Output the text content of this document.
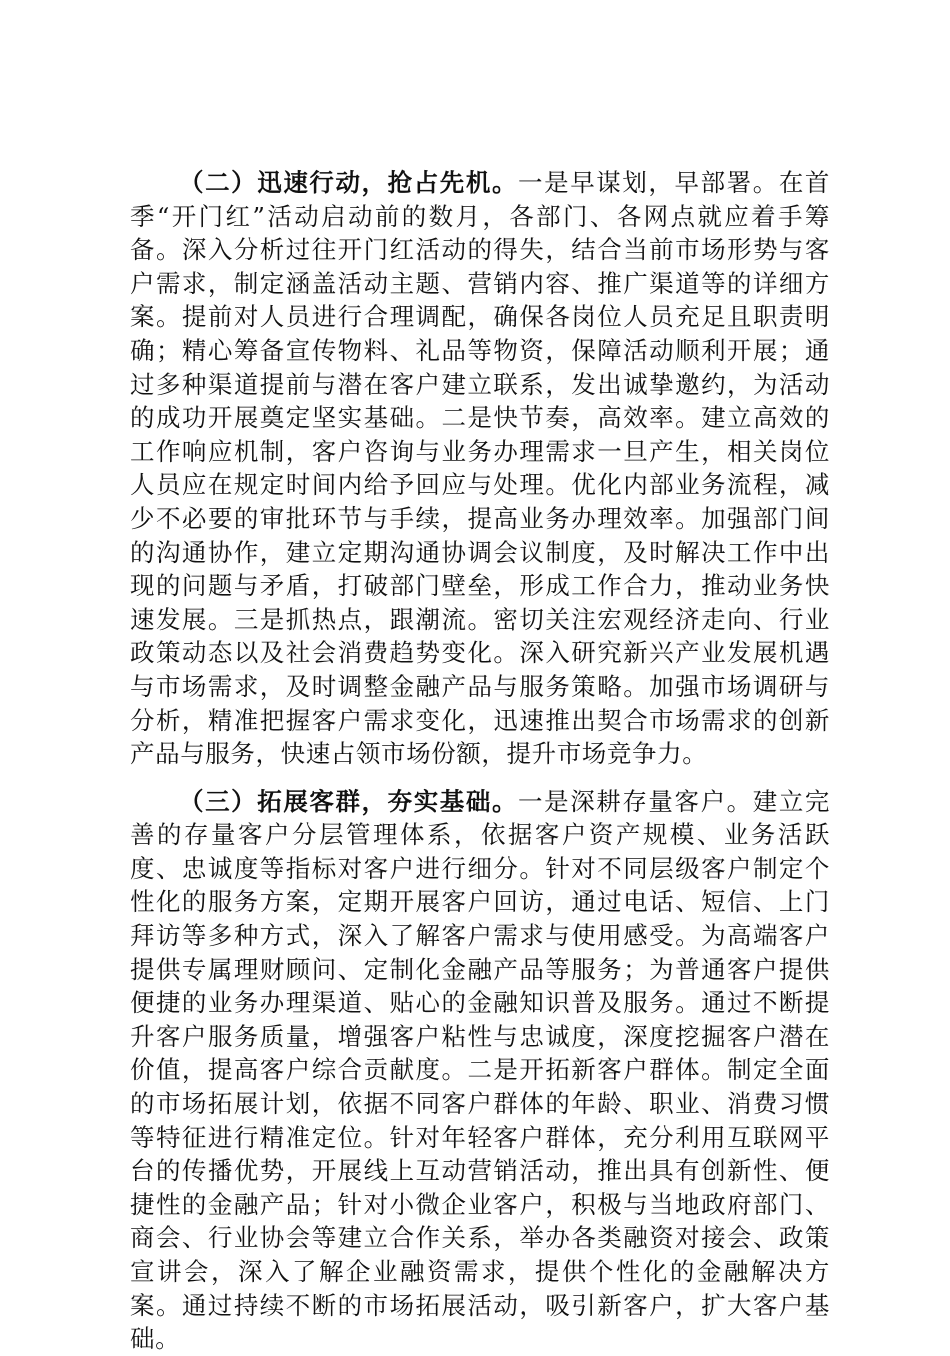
（二）迅速行动，抢占先机。一是早谋划，早部署。在首季“开门红”活动启动前的数月，各部门、各网点就应着手筹备。深入分析过往开门红活动的得失，结合当前市场形势与客户需求，制定涵盖活动主题、营销内容、推广渠道等的详细方案。提前对人员进行合理调配，确保各岗位人员充足且职责明确；精心筹备宣传物料、礼品等物资，保障活动顺利开展；通过多种渠道提前与潜在客户建立联系，发出诚挚邀约，为活动的成功开展奠定坚实基础。二是快节奏，高效率。建立高效的工作响应机制，客户咨询与业务办理需求一旦产生，相关岗位人员应在规定时间内给予回应与处理。优化内部业务流程，减少不必要的审批环节与手续，提高业务办理效率。加强部门间的沟通协作，建立定期沟通协调会议制度，及时解决工作中出现的问题与矛盾，打破部门壁垒，形成工作合力，推动业务快速发展。三是抓热点，跟潮流。密切关注宏观经济走向、行业政策动态以及社会消费趋势变化。深入研究新兴产业发展机遇与市场需求，及时调整金融产品与服务策略。加强市场调研与分析，精准把握客户需求变化，迅速推出契合市场需求的创新产品与服务，快速占领市场份额，提升市场竞争力。

（三）拓展客群，夯实基础。一是深耕存量客户。建立完善的存量客户分层管理体系，依据客户资产规模、业务活跃度、忠诚度等指标对客户进行细分。针对不同层级客户制定个性化的服务方案，定期开展客户回访，通过电话、短信、上门拜访等多种方式，深入了解客户需求与使用感受。为高端客户提供专属理财顾问、定制化金融产品等服务；为普通客户提供便捷的业务办理渠道、贴心的金融知识普及服务。通过不断提升客户服务质量，增强客户粘性与忠诚度，深度挖掘客户潜在价值，提高客户综合贡献度。二是开拓新客户群体。制定全面的市场拓展计划，依据不同客户群体的年龄、职业、消费习惯等特征进行精准定位。针对年轻客户群体，充分利用互联网平台的传播优势，开展线上互动营销活动，推出具有创新性、便捷性的金融产品；针对小微企业客户，积极与当地政府部门、商会、行业协会等建立合作关系，举办各类融资对接会、政策宣讲会，深入了解企业融资需求，提供个性化的金融解决方案。通过持续不断的市场拓展活动，吸引新客户，扩大客户基础。
